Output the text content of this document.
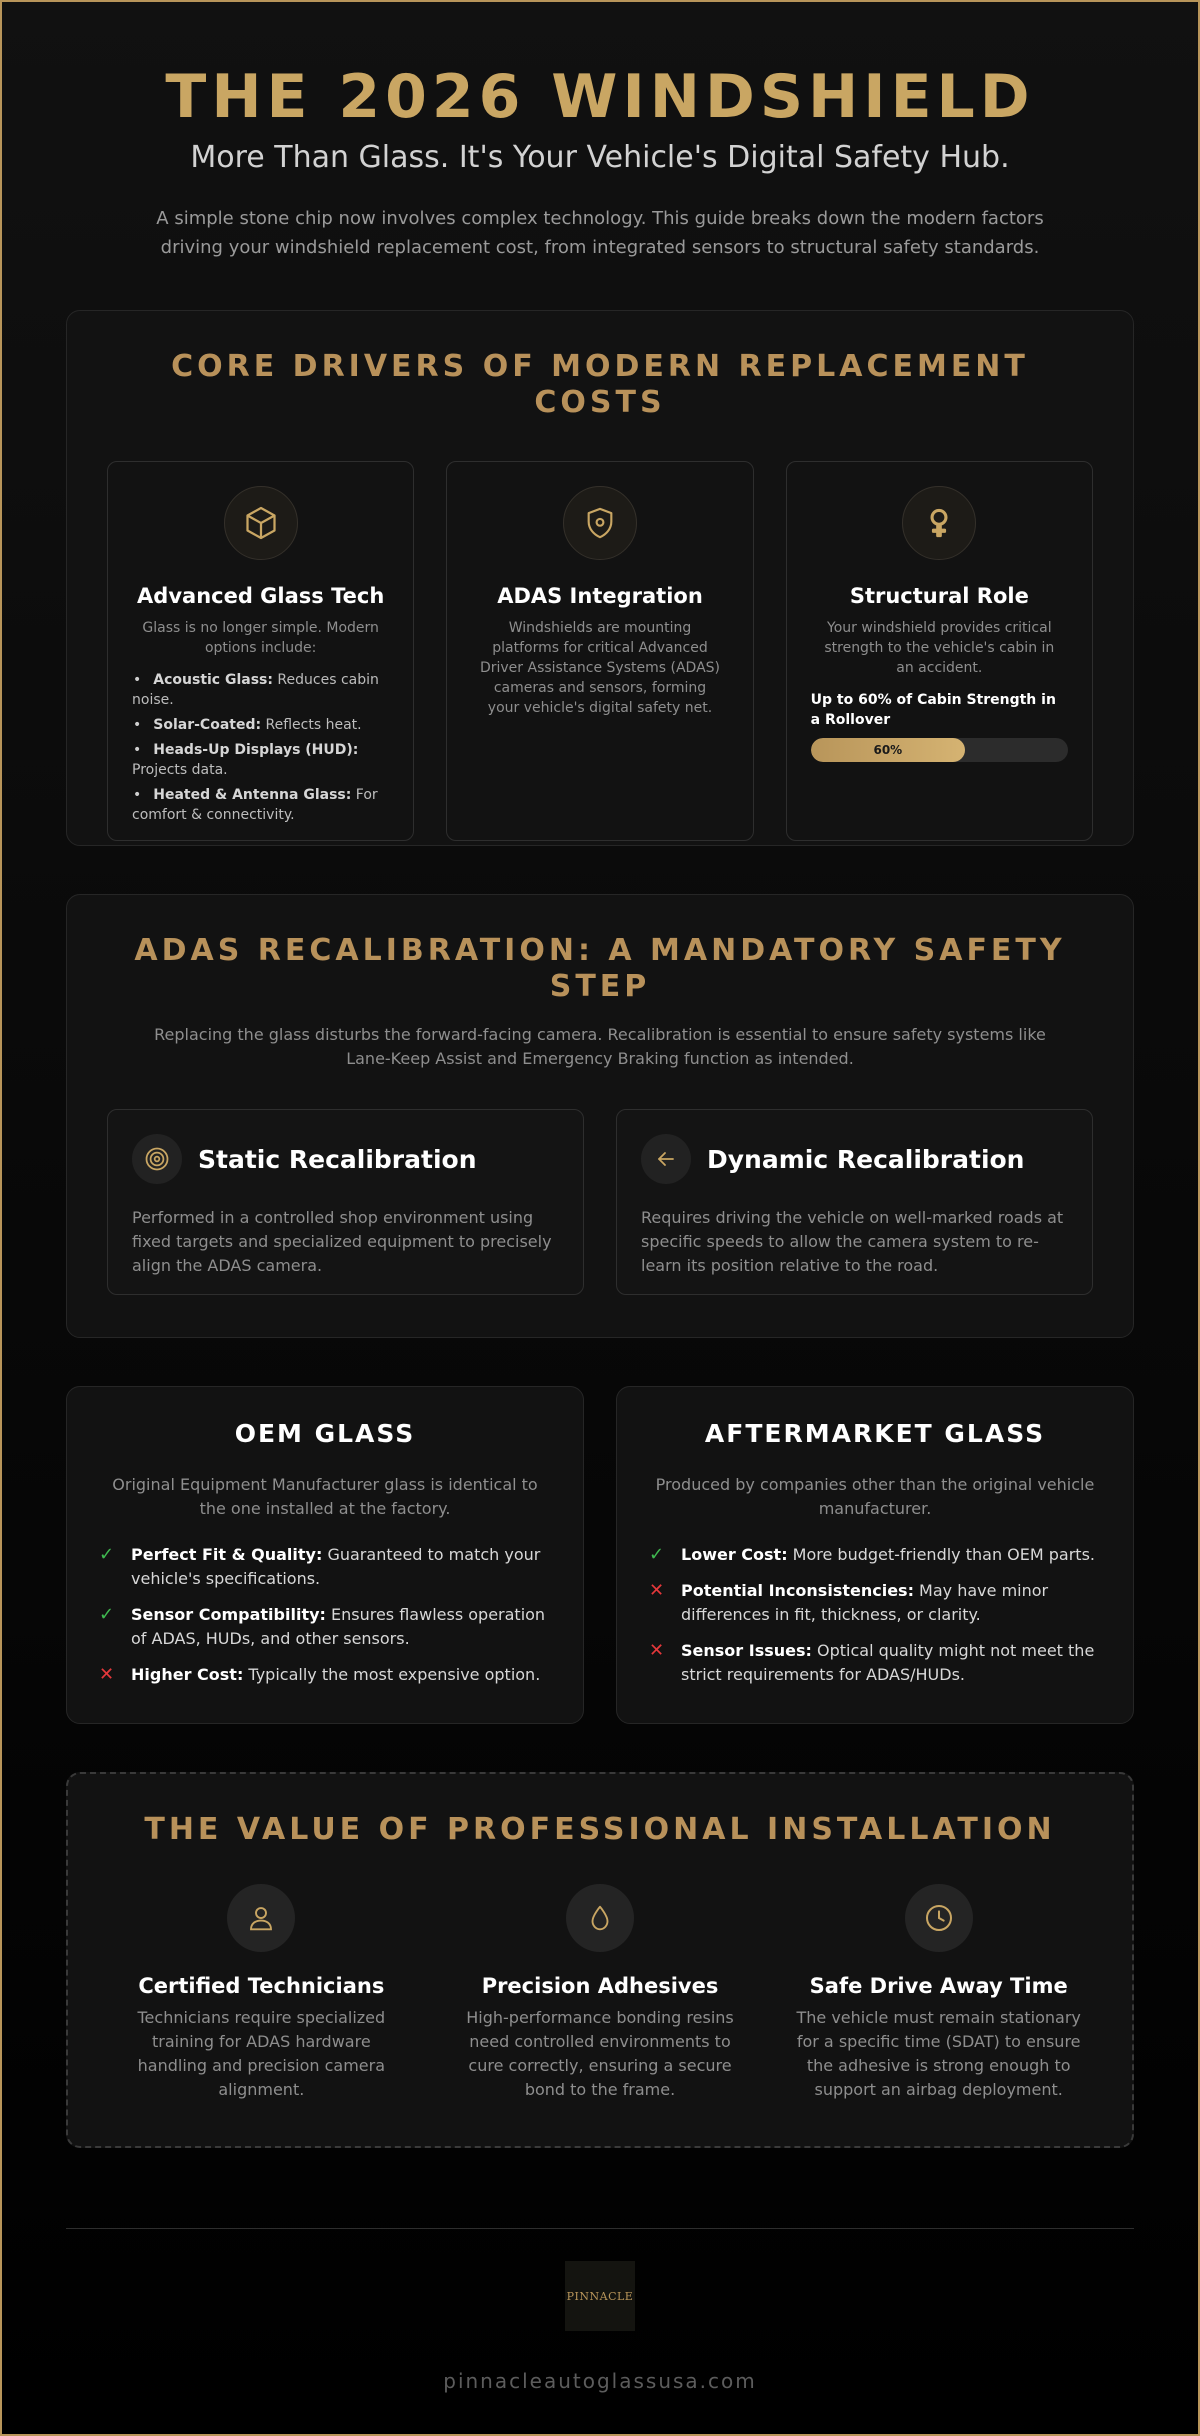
THE 2026 WINDSHIELD
More Than Glass. It's Your Vehicle's Digital Safety Hub.

A simple stone chip now involves complex technology. This guide breaks down the modern factors driving your windshield replacement cost, from integrated sensors to structural safety standards.

CORE DRIVERS OF MODERN REPLACEMENT COSTS
Advanced Glass Tech
Glass is no longer simple. Modern options include:
• Acoustic Glass: Reduces cabin noise.
• Solar-Coated: Reflects heat.
• Heads-Up Displays (HUD): Projects data.
• Heated & Antenna Glass: For comfort & connectivity.
ADAS Integration
Windshields are mounting platforms for critical Advanced Driver Assistance Systems (ADAS) cameras and sensors, forming your vehicle's digital safety net.
Structural Role
Your windshield provides critical strength to the vehicle's cabin in an accident.
Up to 60% of Cabin Strength in a Rollover
60%
ADAS RECALIBRATION: A MANDATORY SAFETY STEP

Replacing the glass disturbs the forward-facing camera. Recalibration is essential to ensure safety systems like Lane-Keep Assist and Emergency Braking function as intended.

Static Recalibration

Performed in a controlled shop environment using fixed targets and specialized equipment to precisely align the ADAS camera.

Dynamic Recalibration

Requires driving the vehicle on well-marked roads at specific speeds to allow the camera system to re-learn its position relative to the road.

OEM GLASS
Original Equipment Manufacturer glass is identical to the one installed at the factory.
✓ Perfect Fit & Quality: Guaranteed to match your vehicle's specifications.
✓ Sensor Compatibility: Ensures flawless operation of ADAS, HUDs, and other sensors.
✕ Higher Cost: Typically the most expensive option.
AFTERMARKET GLASS
Produced by companies other than the original vehicle manufacturer.
✓ Lower Cost: More budget-friendly than OEM parts.
✕ Potential Inconsistencies: May have minor differences in fit, thickness, or clarity.
✕ Sensor Issues: Optical quality might not meet the strict requirements for ADAS/HUDs.
THE VALUE OF PROFESSIONAL INSTALLATION
Certified Technicians

Technicians require specialized training for ADAS hardware handling and precision camera alignment.

Precision Adhesives

High-performance bonding resins need controlled environments to cure correctly, ensuring a secure bond to the frame.

Safe Drive Away Time

The vehicle must remain stationary for a specific time (SDAT) to ensure the adhesive is strong enough to support an airbag deployment.

PINNACLE
pinnacleautoglassusa.com
